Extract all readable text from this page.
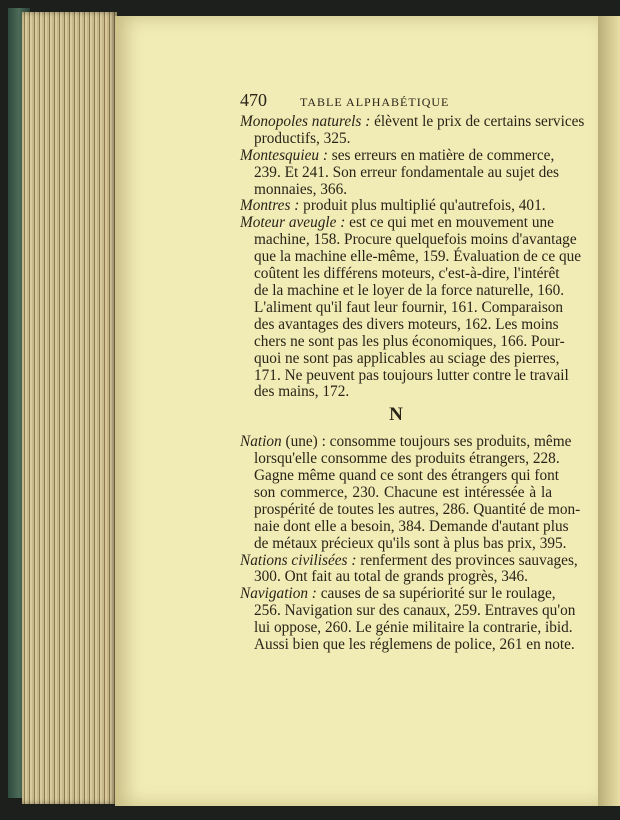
470	TABLE ALPHABÉTIQUE
Monopoles naturels : élèvent le prix de certains services
productifs, 325.
Montesquieu : ses erreurs en matière de commerce,
239. Et 241. Son erreur fondamentale au sujet des
monnaies, 366.
Montres : produit plus multiplié qu'autrefois, 401.
Moteur aveugle : est ce qui met en mouvement une
machine, 158. Procure quelquefois moins d'avantage
que la machine elle-même, 159. Évaluation de ce que
coûtent les différens moteurs, c'est-à-dire, l'intérêt
de la machine et le loyer de la force naturelle, 160.
L'aliment qu'il faut leur fournir, 161. Comparaison
des avantages des divers moteurs, 162. Les moins
chers ne sont pas les plus économiques, 166. Pour-
quoi ne sont pas applicables au sciage des pierres,
171. Ne peuvent pas toujours lutter contre le travail
des mains, 172.
N
Nation (une) : consomme toujours ses produits, même
lorsqu'elle consomme des produits étrangers, 228.
Gagne même quand ce sont des étrangers qui font
son commerce, 230. Chacune est intéressée à la
prospérité de toutes les autres, 286. Quantité de mon-
naie dont elle a besoin, 384. Demande d'autant plus
de métaux précieux qu'ils sont à plus bas prix, 395.
Nations civilisées : renferment des provinces sauvages,
300. Ont fait au total de grands progrès, 346.
Navigation : causes de sa supériorité sur le roulage,
256. Navigation sur des canaux, 259. Entraves qu'on
lui oppose, 260. Le génie militaire la contrarie, ibid.
Aussi bien que les réglemens de police, 261 en note.
